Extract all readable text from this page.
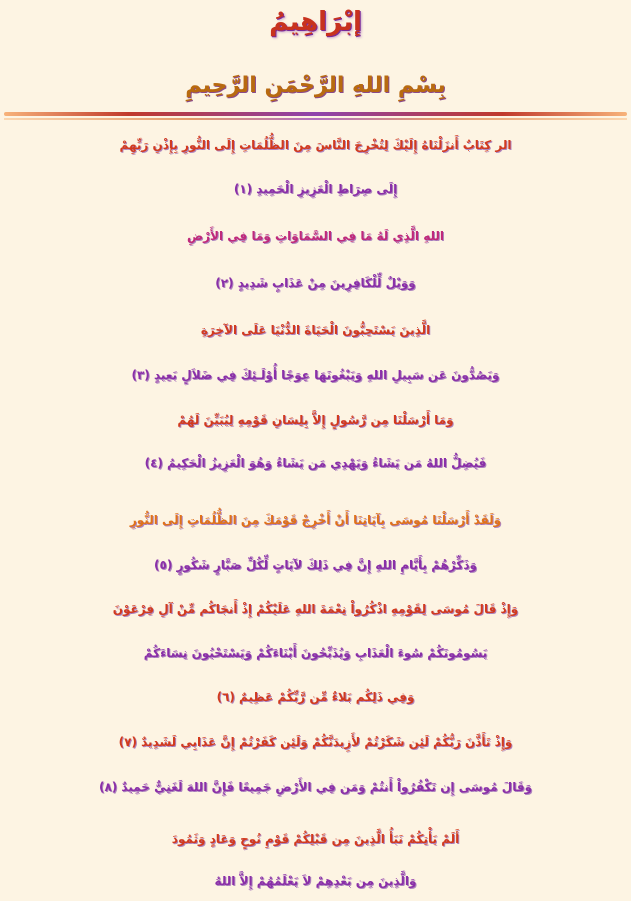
إبْرَاهِيمُ
بِسْمِ اللهِ الرَّحْمَنِ الرَّحِيمِ
الر كِتَابٌ أَنزَلْنَاهُ إِلَيْكَ لِتُخْرِجَ النَّاسَ مِنَ الظُّلُمَاتِ إِلَى النُّورِ بِإِذْنِ رَبِّهِمْ
إِلَى صِرَاطِ الْعَزِيزِ الْحَمِيدِ (١)
اللهِ الَّذِي لَهُ مَا فِي السَّمَاوَاتِ وَمَا فِي الأَرْضِ
وَوَيْلٌ لِّلْكَافِرِينَ مِنْ عَذَابٍ شَدِيدٍ (٢)
الَّذِينَ يَسْتَحِبُّونَ الْحَيَاةَ الدُّنْيَا عَلَى الآخِرَةِ
وَيَصُدُّونَ عَن سَبِيلِ اللهِ وَيَبْغُونَهَا عِوَجًا أُوْلَـئِكَ فِي ضَلاَلٍ بَعِيدٍ (٣)
وَمَا أَرْسَلْنَا مِن رَّسُولٍ إِلاَّ بِلِسَانِ قَوْمِهِ لِيُبَيِّنَ لَهُمْ
فَيُضِلُّ اللهُ مَن يَشَاءُ وَيَهْدِي مَن يَشَاءُ وَهُوَ الْعَزِيزُ الْحَكِيمُ (٤)
وَلَقَدْ أَرْسَلْنَا مُوسَى بِآيَاتِنَا أَنْ أَخْرِجْ قَوْمَكَ مِنَ الظُّلُمَاتِ إِلَى النُّورِ
وَذَكِّرْهُمْ بِأَيَّامِ اللهِ إِنَّ فِي ذَلِكَ لآيَاتٍ لِّكُلِّ صَبَّارٍ شَكُورٍ (٥)
وَإِذْ قَالَ مُوسَى لِقَوْمِهِ اذْكُرُواْ نِعْمَةَ اللهِ عَلَيْكُمْ إِذْ أَنجَاكُم مِّنْ آلِ فِرْعَوْنَ
يَسُومُونَكُمْ سُوءَ الْعَذَابِ وَيُذَبِّحُونَ أَبْنَاءَكُمْ وَيَسْتَحْيُونَ نِسَاءَكُمْ
وَفِي ذَلِكُم بَلاءٌ مِّن رَّبِّكُمْ عَظِيمٌ (٦)
وَإِذْ تَأَذَّنَ رَبُّكُمْ لَئِن شَكَرْتُمْ لأَزِيدَنَّكُمْ وَلَئِن كَفَرْتُمْ إِنَّ عَذَابِي لَشَدِيدٌ (٧)
وَقَالَ مُوسَى إِن تَكْفُرُواْ أَنتُمْ وَمَن فِي الأَرْضِ جَمِيعًا فَإِنَّ اللهَ لَغَنِيٌّ حَمِيدٌ (٨)
أَلَمْ يَأْتِكُمْ نَبَأُ الَّذِينَ مِن قَبْلِكُمْ قَوْمِ نُوحٍ وَعَادٍ وَثَمُودَ
وَالَّذِينَ مِن بَعْدِهِمْ لاَ يَعْلَمُهُمْ إِلاَّ اللهُ
